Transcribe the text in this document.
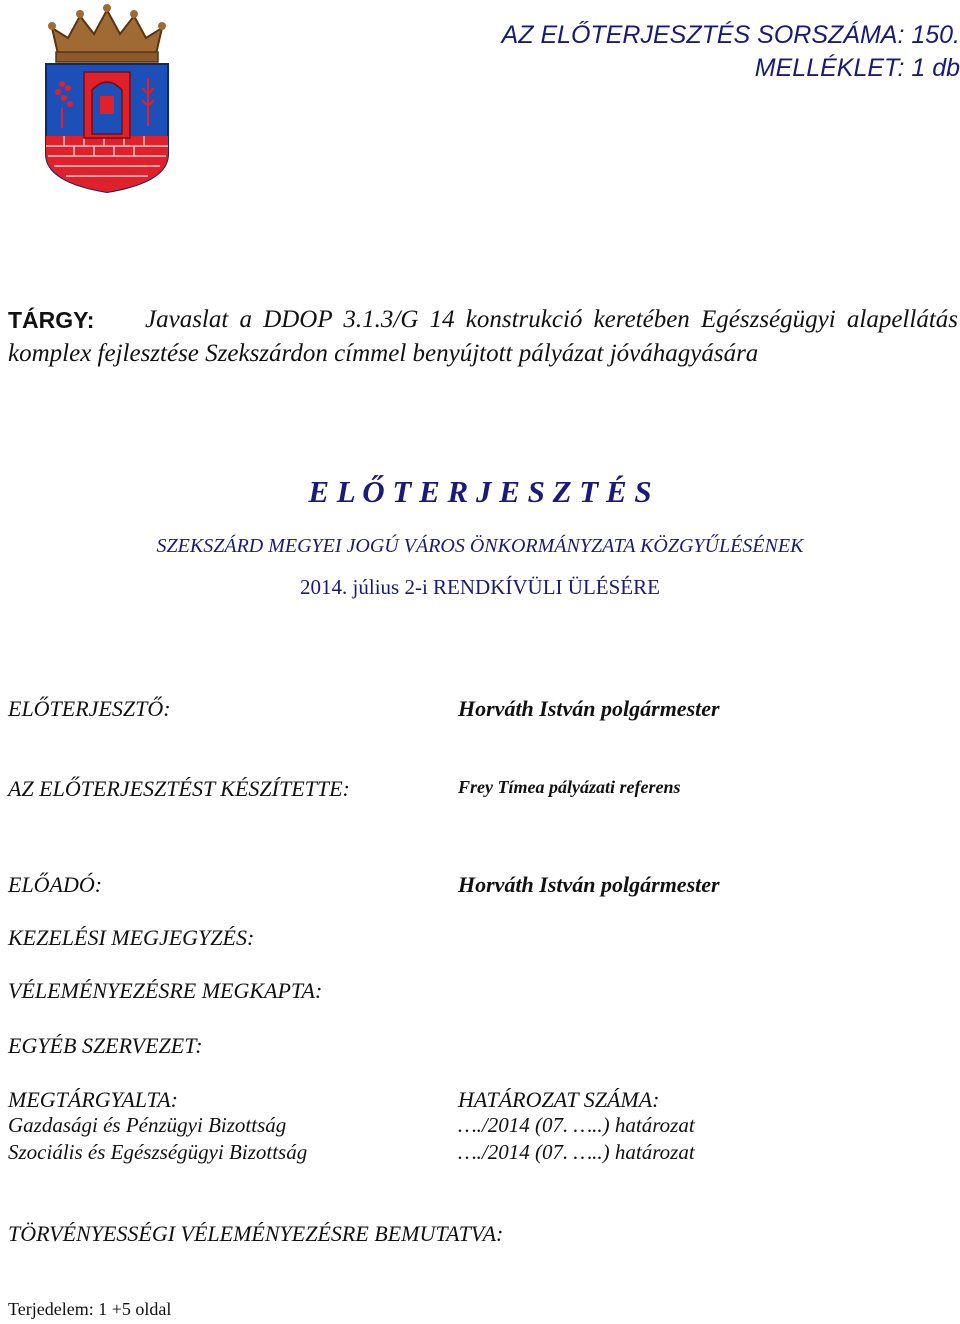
AZ ELŐTERJESZTÉS SORSZÁMA: 150.
MELLÉKLET: 1 db
TÁRGY:	Javaslat a DDOP 3.1.3/G 14 konstrukció keretében Egészségügyi alapellátás komplex fejlesztése Szekszárdon címmel benyújtott pályázat jóváhagyására
E L Ő T E R J E S Z T É S
SZEKSZÁRD MEGYEI JOGÚ VÁROS ÖNKORMÁNYZATA KÖZGYŰLÉSÉNEK
2014. július 2-i RENDKÍVÜLI ÜLÉSÉRE
ELŐTERJESZTŐ:	Horváth István polgármester
AZ ELŐTERJESZTÉST KÉSZÍTETTE:	Frey Tímea pályázati referens
ELŐADÓ:	Horváth István polgármester
KEZELÉSI MEGJEGYZÉS:
VÉLEMÉNYEZÉSRE MEGKAPTA:
EGYÉB SZERVEZET:
MEGTÁRGYALTA:	HATÁROZAT SZÁMA:
Gazdasági és Pénzügyi Bizottság	…./2014 (07. …..) határozat
Szociális és Egészségügyi Bizottság	…./2014 (07. …..) határozat
TÖRVÉNYESSÉGI VÉLEMÉNYEZÉSRE BEMUTATVA:
Terjedelem: 1 +5 oldal
